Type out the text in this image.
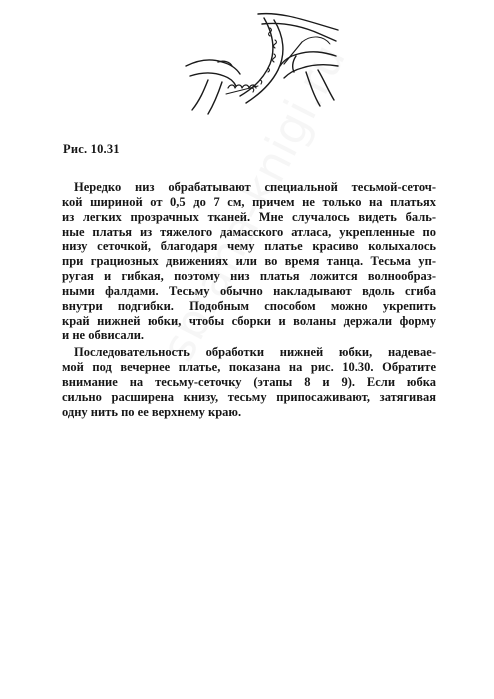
Рис. 10.31

Нередко низ обрабатывают специальной тесьмой-сеточ-
кой шириной от 0,5 до 7 см, причем не только на платьях
из легких прозрачных тканей. Мне случалось видеть баль-
ные платья из тяжелого дамасского атласа, укрепленные по
низу сеточкой, благодаря чему платье красиво колыхалось
при грациозных движениях или во время танца. Тесьма уп-
ругая и гибкая, поэтому низ платья ложится волнообраз-
ными фалдами. Тесьму обычно накладывают вдоль сгиба
внутри подгибки. Подобным способом можно укрепить
край нижней юбки, чтобы сборки и воланы держали форму
и не обвисали.

Последовательность обработки нижней юбки, надевае-
мой под вечернее платье, показана на рис. 10.30. Обратите
внимание на тесьму-сеточку (этапы 8 и 9). Если юбка
сильно расширена книзу, тесьму припосаживают, затягивая
одну нить по ее верхнему краю.
